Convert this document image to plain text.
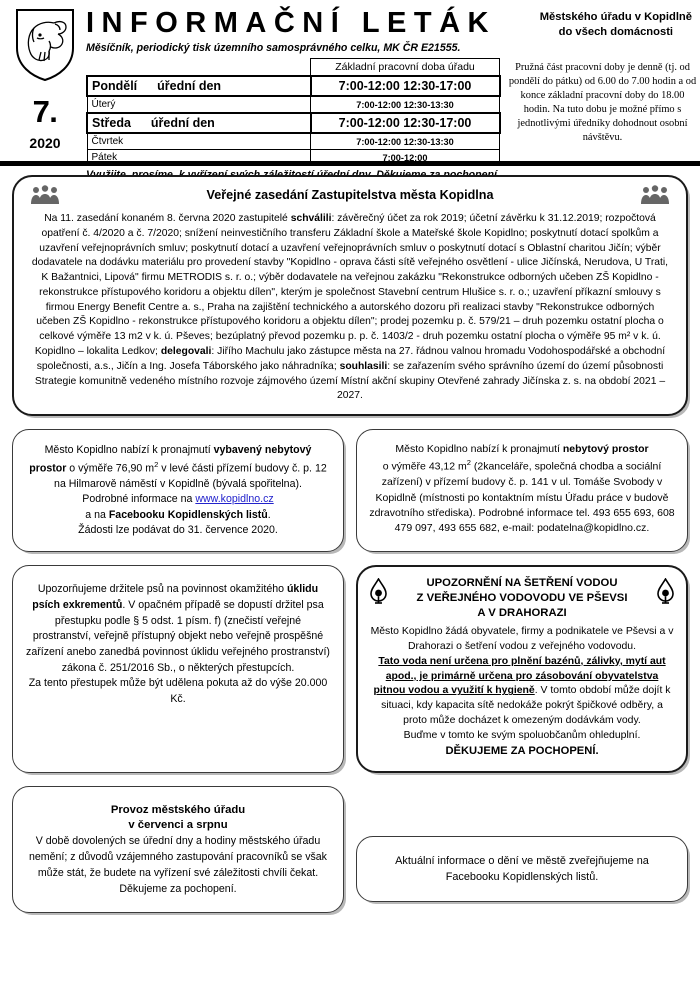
7.
2020
INFORMAČNÍ LETÁK	Městského úřadu v Kopidlně
do všech domácnosti
Měsíčník, periodický tisk územního samosprávného celku, MK ČR E21555.
	Základní pracovní doba úřadu
Pondělí úřední den	7:00-12:00 12:30-17:00
Úterý	7:00-12:00 12:30-13:30
Středa úřední den	7:00-12:00 12:30-17:00
Čtvrtek	7:00-12:00 12:30-13:30
Pátek	7:00-12:00
Pružná část pracovní doby je denně (tj. od pondělí do pátku) od 6.00 do 7.00 hodin a od konce základní pracovní doby do 18.00 hodin. Na tuto dobu je možné přímo s jednotlivými úředníky dohodnout osobní návštěvu.
Veřejné zasedání Zastupitelstva města Kopidlna
Na 11. zasedání konaném 8. června 2020 zastupitelé schválili: závěrečný účet za rok 2019; účetní závěrku k 31.12.2019; rozpočtová opatření č. 4/2020 a č. 7/2020; snížení neinvestičního transferu Základní škole a Mateřské škole Kopidlno; poskytnutí dotací spolkům a uzavření veřejnoprávních smluv; poskytnutí dotací a uzavření veřejnoprávních smluv o poskytnutí dotací s Oblastní charitou Jičín; výběr dodavatele na dodávku materiálu pro provedení stavby "Kopidlno - oprava části sítě veřejného osvětlení - ulice Jičínská, Nerudova, U Trati, K Bažantnici, Lipová" firmu METRODIS s. r. o.; výběr dodavatele na veřejnou zakázku "Rekonstrukce odborných učeben ZŠ Kopidlno - rekonstrukce přístupového koridoru a objektu dílen", kterým je společnost Stavební centrum Hlušice s. r. o.; uzavření příkazní smlouvy s firmou Energy Benefit Centre a. s., Praha na zajištění technického a autorského dozoru při realizaci stavby "Rekonstrukce odborných učeben ZŠ Kopidlno - rekonstrukce přístupového koridoru a objektu dílen"; prodej pozemku p. č. 579/21 – druh pozemku ostatní plocha o celkové výměře 13 m2 v k. ú. Pševes; bezúplatný převod pozemku p. p. č. 1403/2 - druh pozemku ostatní plocha o výměře 95 m² v k. ú. Kopidlno – lokalita Ledkov; delegovali: Jiřího Machulu jako zástupce města na 27. řádnou valnou hromadu Vodohospodářské a obchodní společnosti, a.s., Jičín a Ing. Josefa Táborského jako náhradníka; souhlasili: se zařazením svého správního území do území působnosti Strategie komunitně vedeného místního rozvoje zájmového území Místní akční skupiny Otevřené zahrady Jičínska z. s. na období 2021 – 2027.
Město Kopidlno nabízí k pronajmutí vybavený nebytový prostor o výměře 76,90 $m^2$ v levé části přízemí budovy č. p. 12 na Hilmarově náměstí v Kopidlně (bývalá spořitelna).
Podrobné informace na www.kopidlno.cz
a na Facebooku Kopidlenských listů.
Žádosti lze podávat do 31. července 2020.
Město Kopidlno nabízí k pronajmutí nebytový prostor
o výměře 43,12 $m^2$ (2kanceláře, společná chodba a sociální zařízení) v přízemí budovy č. p. 141 v ul. Tomáše Svobody v Kopidlně (místnosti po kontaktním místu Úřadu práce v budově zdravotního střediska). Podrobné informace tel. 493 655 693, 608 479 097, 493 655 682, e-mail: podatelna@kopidlno.cz.
Upozorňujeme držitele psů na povinnost okamžitého úklidu psích exkrementů. V opačném případě se dopustí držitel psa přestupku podle § 5 odst. 1 písm. f) (znečistí veřejné prostranství, veřejně přístupný objekt nebo veřejně prospěšné zařízení anebo zanedbá povinnost úklidu veřejného prostranství) zákona č. 251/2016 Sb., o některých přestupcích.
Za tento přestupek může být udělena pokuta až do výše 20.000 Kč.
UPOZORNĚNÍ NA ŠETŘENÍ VODOU
Z VEŘEJNÉHO VODOVODU VE PŠEVSI
A V DRAHORAZI
Město Kopidlno žádá obyvatele, firmy a podnikatele ve Pševsi a v Drahorazi o šetření vodou z veřejného vodovodu.
Tato voda není určena pro plnění bazénů, zálivky, mytí aut apod., je primárně určena pro zásobování obyvatelstva pitnou vodou a využití k hygieně. V tomto období může dojít k situaci, kdy kapacita sítě nedokáže pokrýt špičkové odběry, a proto může docházet k omezeným dodávkám vody.
Buďme v tomto ke svým spoluobčanům ohleduplní.
DĚKUJEME ZA POCHOPENÍ.
Provoz městského úřadu
v červenci a srpnu
V době dovolených se úřední dny a hodiny městského úřadu nemění; z důvodů vzájemného zastupování pracovníků se však může stát, že budete na vyřízení své záležitosti chvíli čekat.
Děkujeme za pochopení.
Aktuální informace o dění ve městě zveřejňujeme na Facebooku Kopidlenských listů.
